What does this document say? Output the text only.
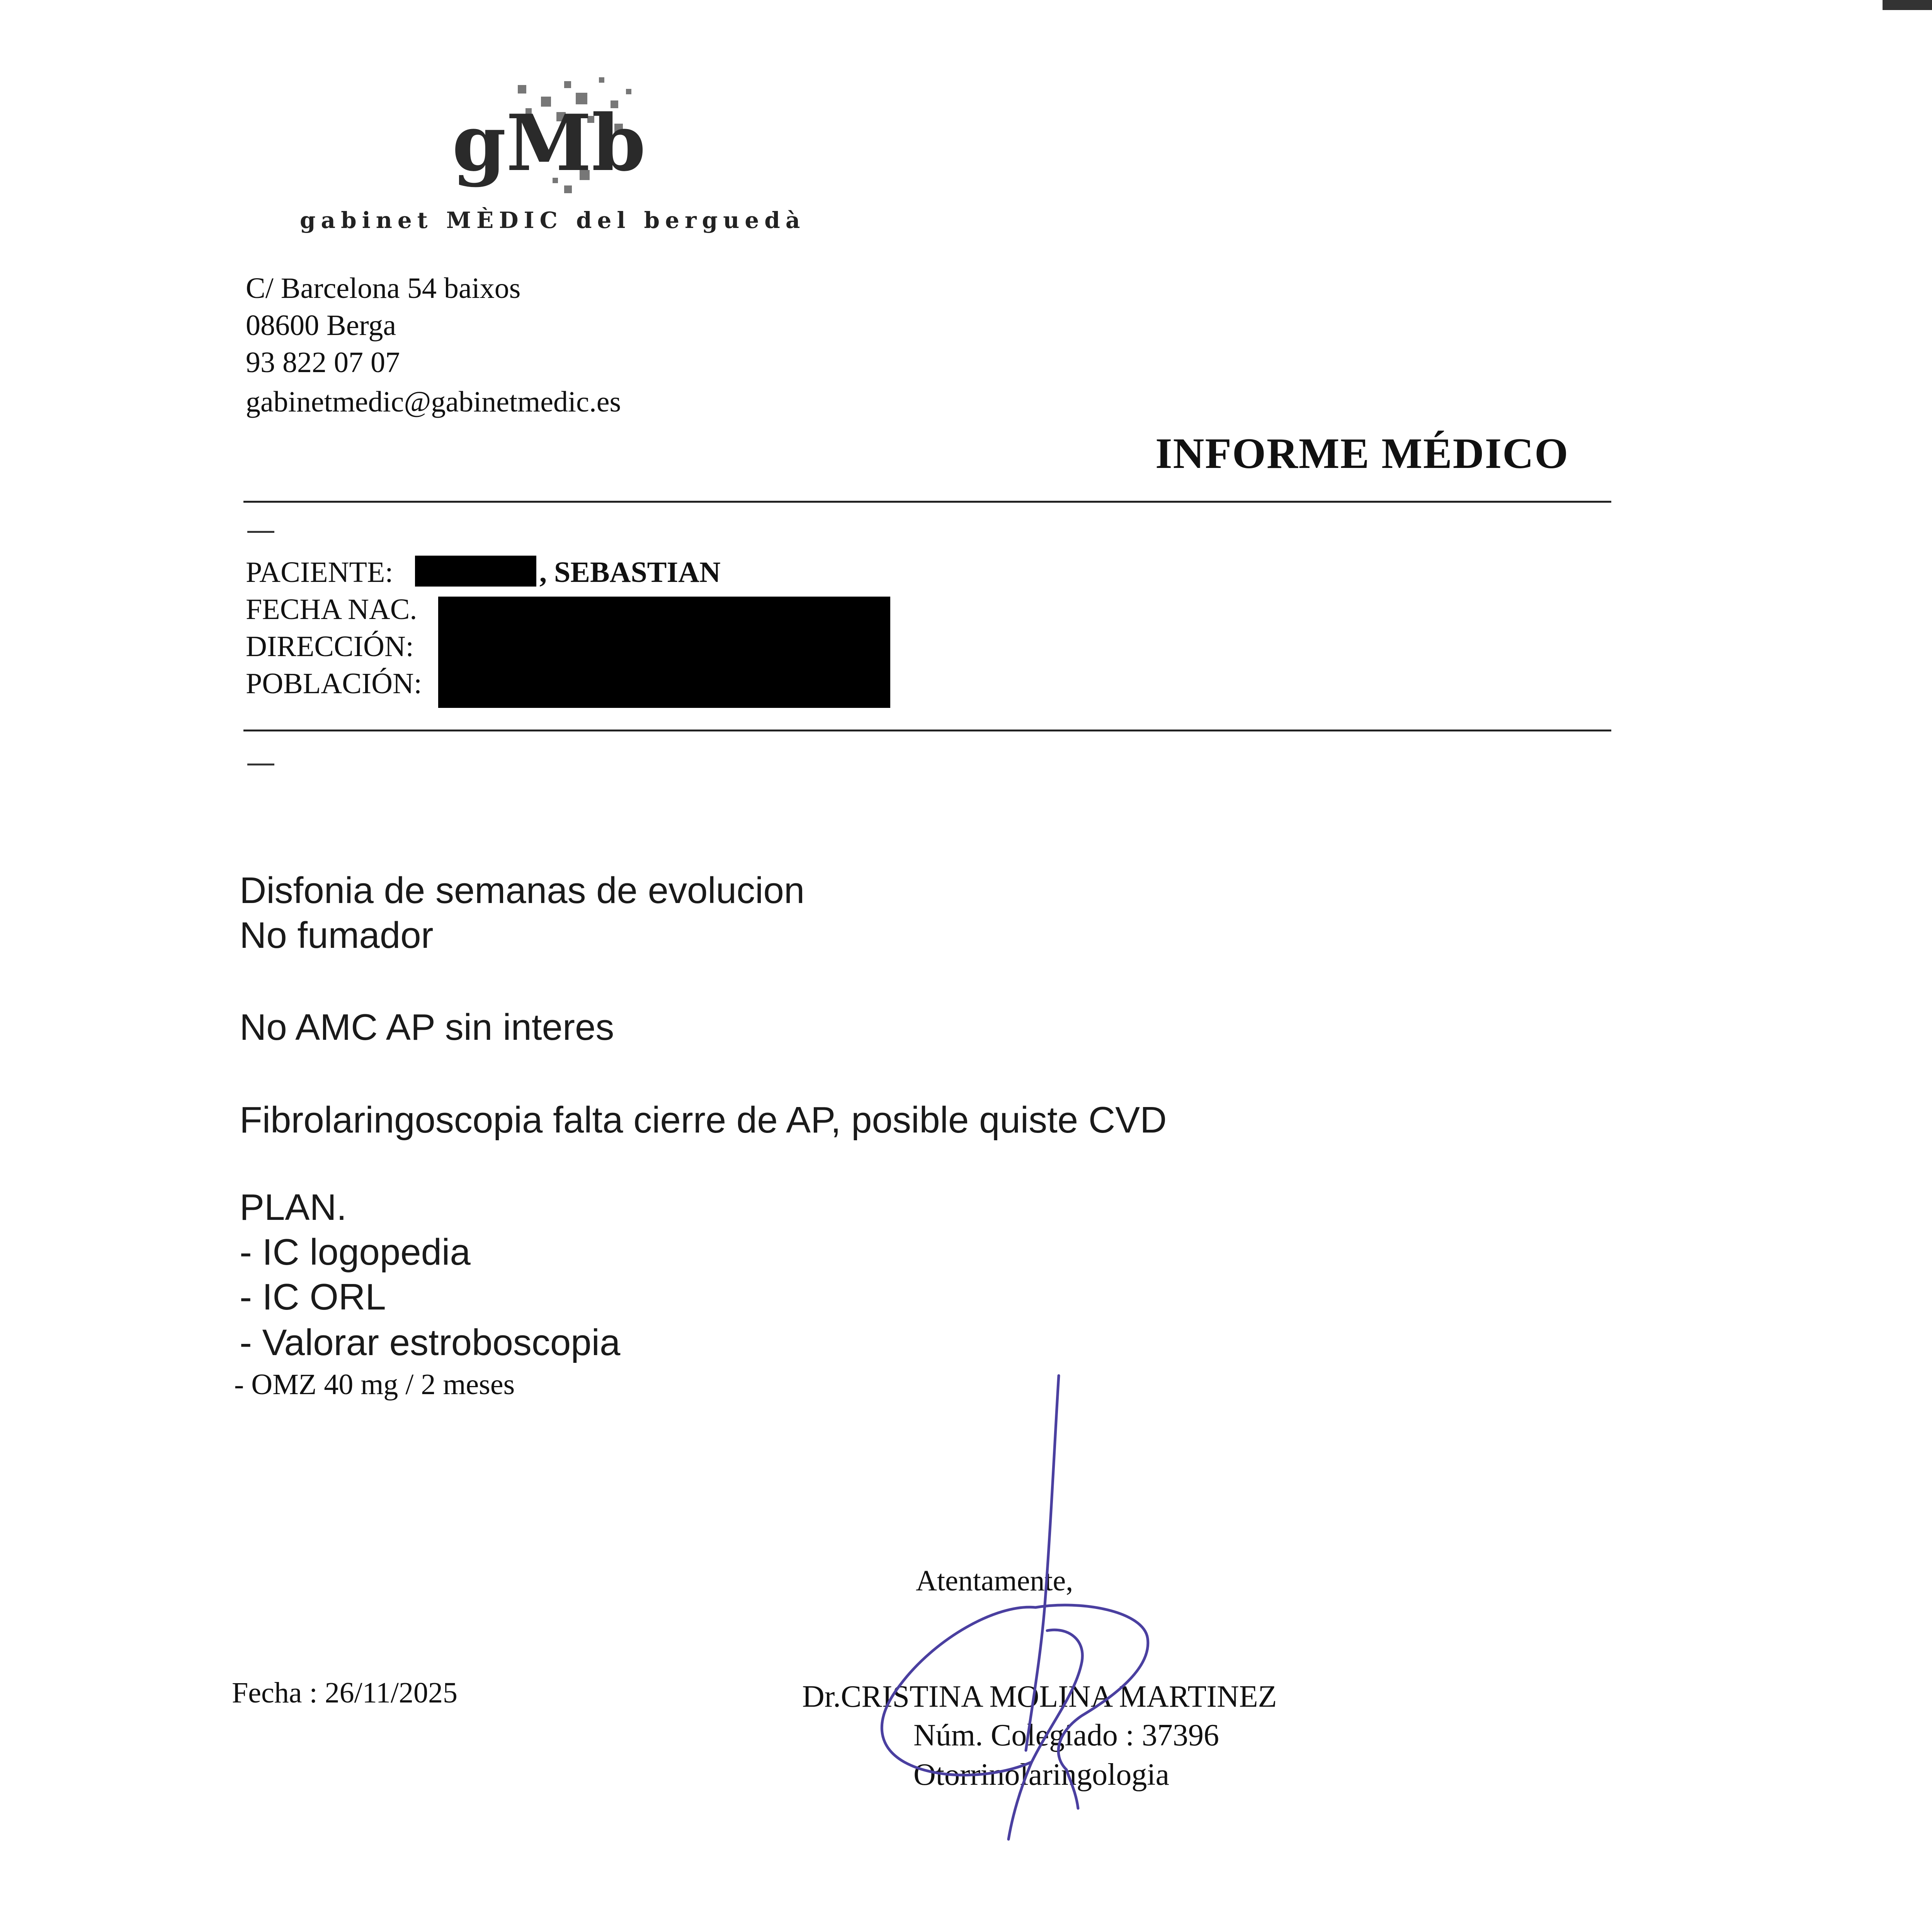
gMb
gabinet MÈDIC del berguedà
C/ Barcelona 54 baixos
08600 Berga
93 822 07 07
gabinetmedic@gabinetmedic.es
INFORME MÉDICO
PACIENTE:	, SEBASTIAN
FECHA NAC.
DIRECCIÓN:
POBLACIÓN:
Disfonia de semanas de evolucion
No fumador
No AMC AP sin interes
Fibrolaringoscopia falta cierre de AP, posible quiste CVD
PLAN.
- IC logopedia
- IC ORL
- Valorar estroboscopia
- OMZ 40 mg / 2 meses
Atentamente,
Fecha : 26/11/2025	Dr.CRISTINA MOLINA MARTINEZ
Núm. Colegiado : 37396
Otorrinolaringologia
